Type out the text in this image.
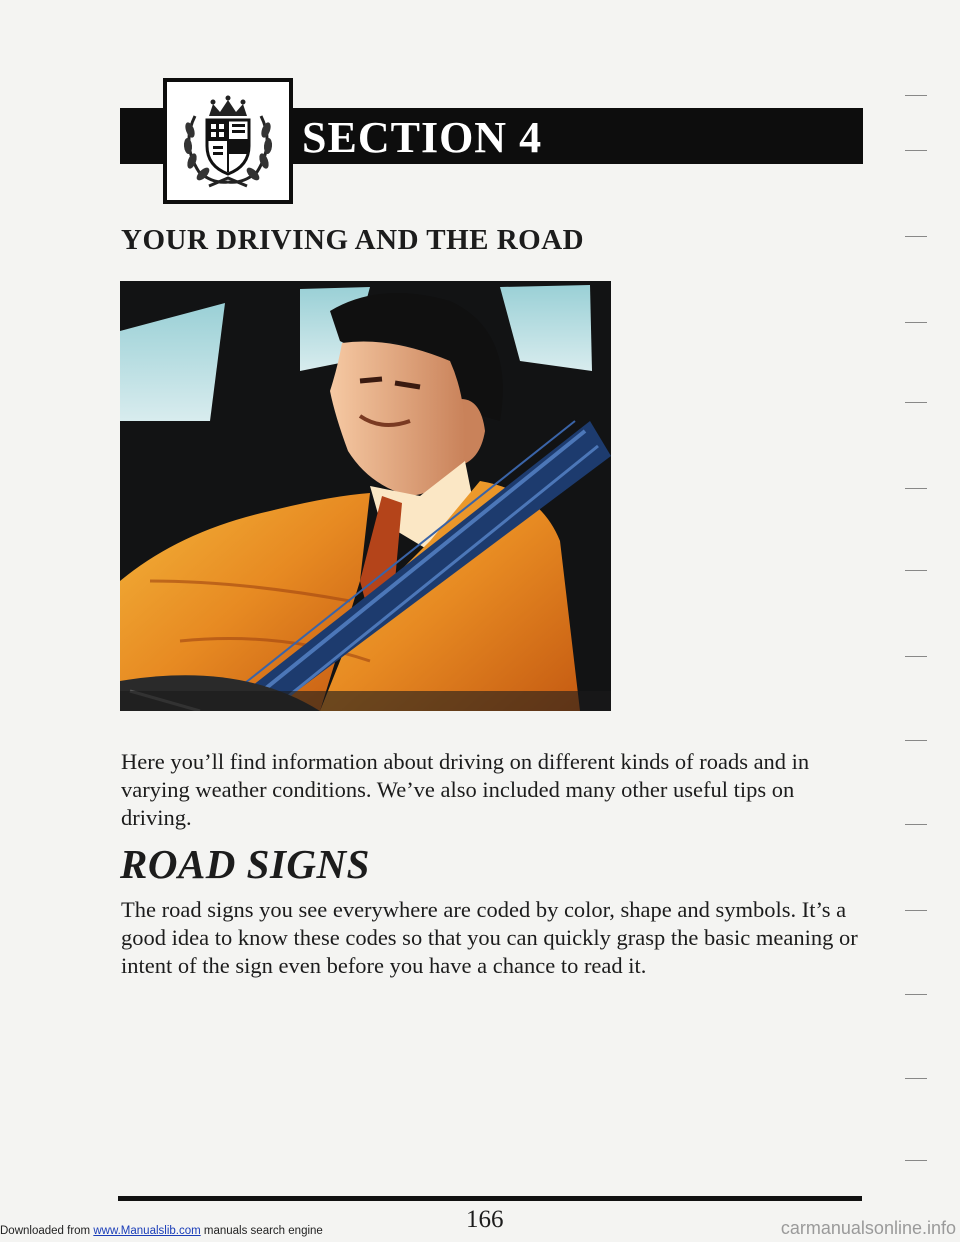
SECTION 4
YOUR DRIVING AND THE ROAD

Here you’ll find information about driving on different kinds of roads and in varying weather conditions. We’ve also included many other useful tips on driving.

ROAD SIGNS

The road signs you see everywhere are coded by color, shape and symbols. It’s a good idea to know these codes so that you can quickly grasp the basic meaning or intent of the sign even before you have a chance to read it.

166
Downloaded from www.Manualslib.com manuals search engine	carmanualsonline.info
